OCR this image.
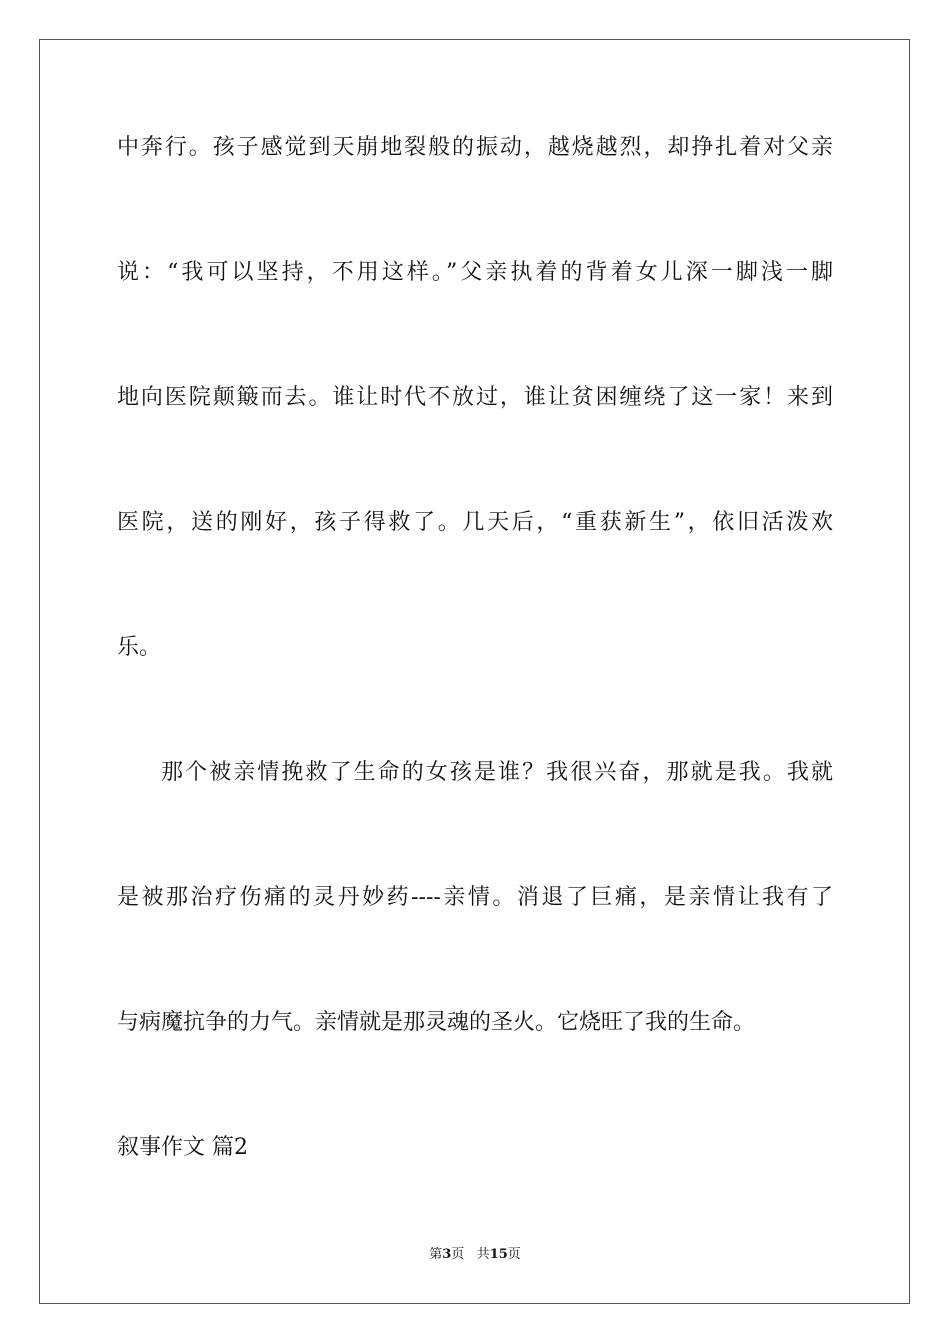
中奔行。孩子感觉到天崩地裂般的振动，越烧越烈，却挣扎着对父亲
说：“我可以坚持，不用这样。”父亲执着的背着女儿深一脚浅一脚
地向医院颠簸而去。谁让时代不放过，谁让贫困缠绕了这一家！来到
医院，送的刚好，孩子得救了。几天后，“重获新生”，依旧活泼欢
乐。
那个被亲情挽救了生命的女孩是谁？我很兴奋，那就是我。我就
是被那治疗伤痛的灵丹妙药----亲情。消退了巨痛，是亲情让我有了
与病魔抗争的力气。亲情就是那灵魂的圣火。它烧旺了我的生命。
叙事作文 篇2
第3页 共15页
